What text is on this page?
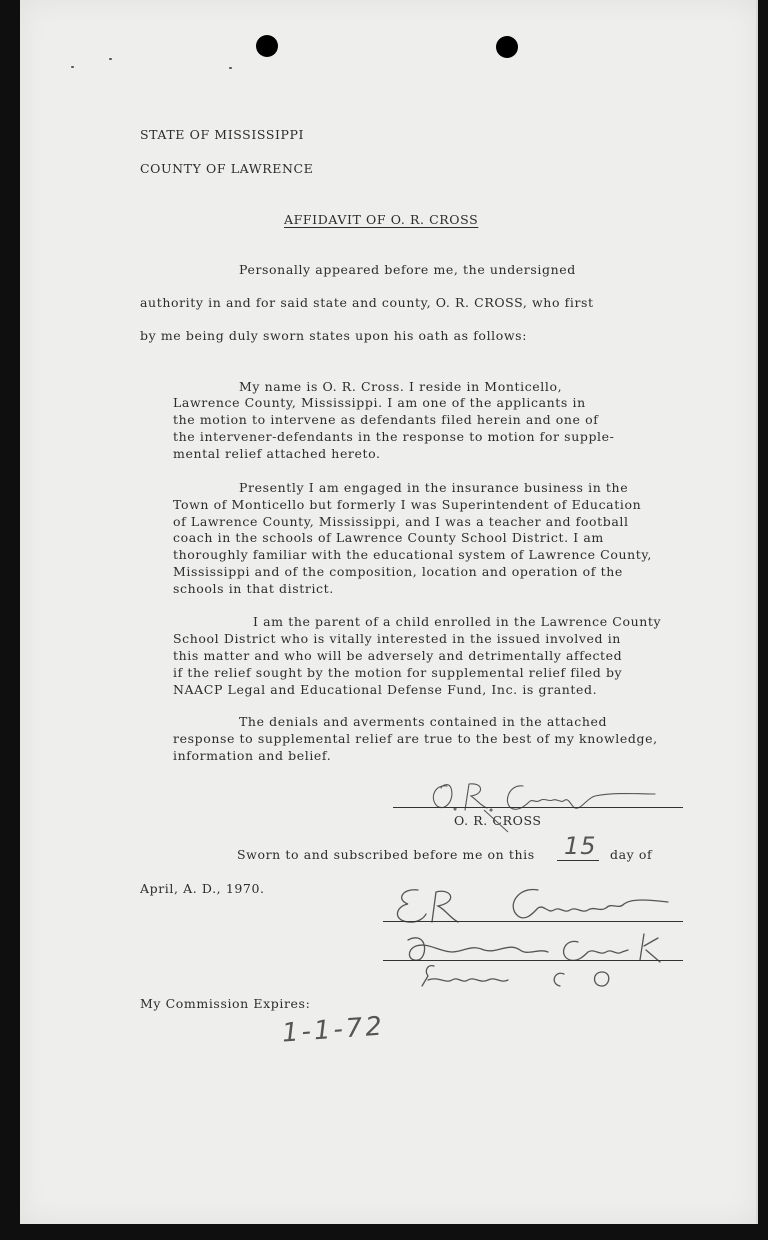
STATE OF MISSISSIPPI
COUNTY OF LAWRENCE
AFFIDAVIT OF O. R. CROSS
Personally appeared before me, the undersigned
authority in and for said state and county, O. R. CROSS, who first
by me being duly sworn states upon his oath as follows:
My name is O. R. Cross. I reside in Monticello,
Lawrence County, Mississippi. I am one of the applicants in
the motion to intervene as defendants filed herein and one of
the intervener-defendants in the response to motion for supple-
mental relief attached hereto.
Presently I am engaged in the insurance business in the
Town of Monticello but formerly I was Superintendent of Education
of Lawrence County, Mississippi, and I was a teacher and football
coach in the schools of Lawrence County School District. I am
thoroughly familiar with the educational system of Lawrence County,
Mississippi and of the composition, location and operation of the
schools in that district.
I am the parent of a child enrolled in the Lawrence County
School District who is vitally interested in the issued involved in
this matter and who will be adversely and detrimentally affected
if the relief sought by the motion for supplemental relief filed by
NAACP Legal and Educational Defense Fund, Inc. is granted.
The denials and averments contained in the attached
response to supplemental relief are true to the best of my knowledge,
information and belief.
O. R. CROSS
Sworn to and subscribed before me on this 15 day of
April, A. D., 1970.
My Commission Expires:
1-1-72
